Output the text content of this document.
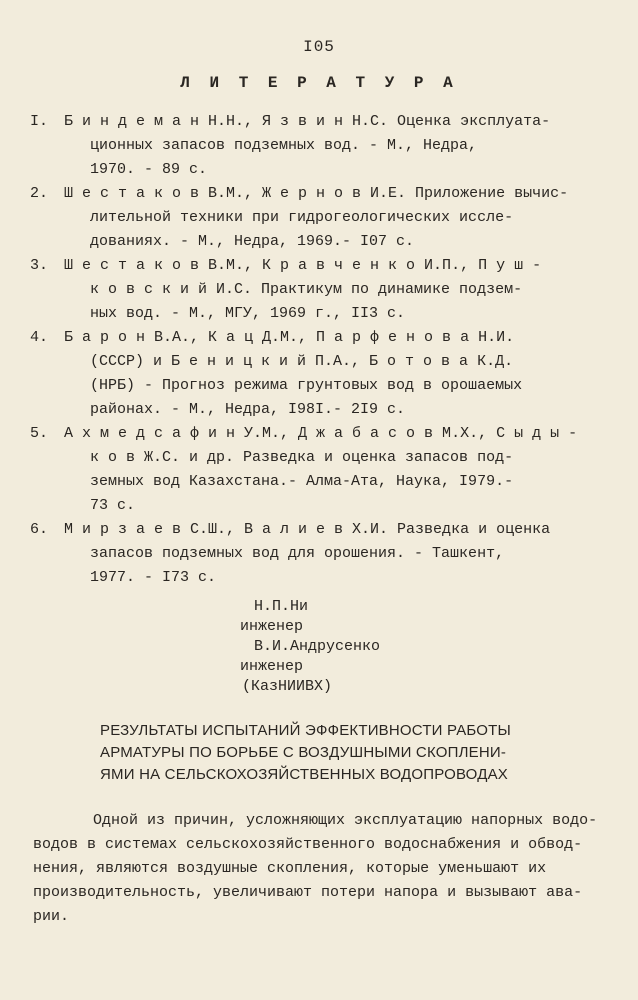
I05
Л И Т Е Р А Т У Р А
I. Б и н д е м а н Н.Н., Я з в и н Н.С. Оценка эксплуата-
ционных запасов подземных вод. - М., Недра,
1970. - 89 с.
2. Ш е с т а к о в В.М., Ж е р н о в И.Е. Приложение вычис-
лительной техники при гидрогеологических иссле-
дованиях. - М., Недра, 1969.- I07 с.
3. Ш е с т а к о в В.М., К р а в ч е н к о И.П., П у ш -
к о в с к и й И.С. Практикум по динамике подзем-
ных вод. - М., МГУ, 1969 г., II3 с.
4. Б а р о н В.А., К а ц Д.М., П а р ф е н о в а Н.И.
(СССР) и Б е н и ц к и й П.А., Б о т о в а К.Д.
(НРБ) - Прогноз режима грунтовых вод в орошаемых
районах. - М., Недра, I98I.- 2I9 с.
5. А х м е д с а ф и н У.М., Д ж а б а с о в М.Х., С ы д ы -
к о в Ж.С. и др. Разведка и оценка запасов под-
земных вод Казахстана.- Алма-Ата, Наука, I979.-
73 с.
6. М и р з а е в С.Ш., В а л и е в Х.И. Разведка и оценка
запасов подземных вод для орошения. - Ташкент,
1977. - I73 с.
Н.П.Ни
инженер
В.И.Андрусенко
инженер
(КазНИИВХ)
РЕЗУЛЬТАТЫ ИСПЫТАНИЙ ЭФФЕКТИВНОСТИ РАБОТЫ
АРМАТУРЫ ПО БОРЬБЕ С ВОЗДУШНЫМИ СКОПЛЕНИ-
ЯМИ НА СЕЛЬСКОХОЗЯЙСТВЕННЫХ ВОДОПРОВОДАХ
Одной из причин, усложняющих эксплуатацию напорных водо-
водов в системах сельскохозяйственного водоснабжения и обвод-
нения, являются воздушные скопления, которые уменьшают их
производительность, увеличивают потери напора и вызывают ава-
рии.
